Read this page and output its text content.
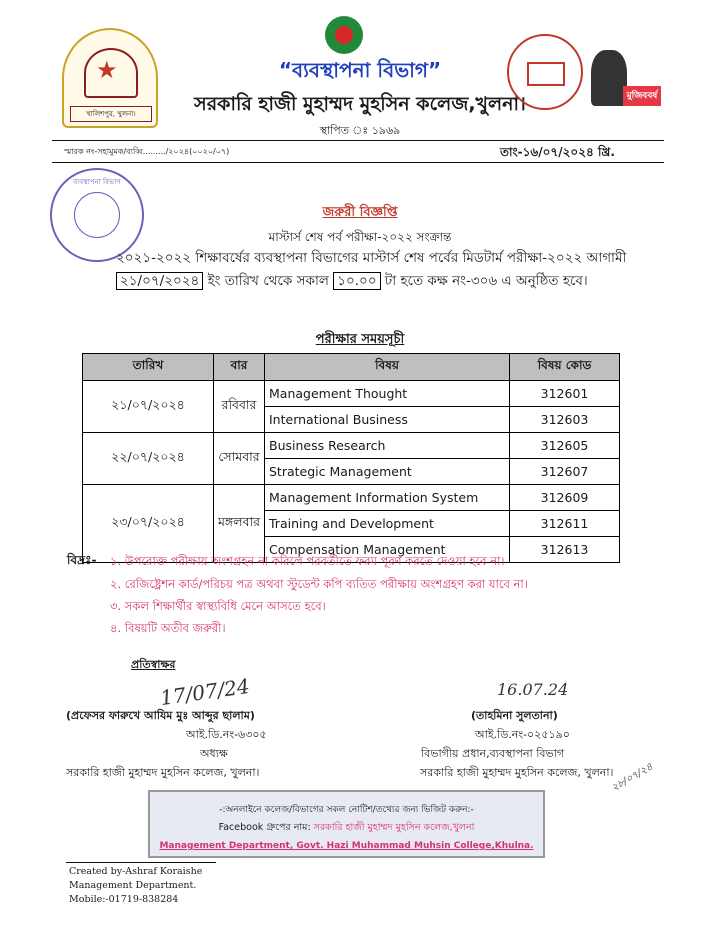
★
খালিশপুর, খুলনা।
“ব্যবস্থাপনা বিভাগ”
সরকারি হাজী মুহাম্মদ মুহসিন কলেজ,খুলনা।
স্থাপিত ঃ ১৯৬৯
মুজিববর্ষ ১০০
স্মারক নং-সহামুমক/ব্যব্বি........./২০২৪(০০২০/০৭)	তাং-১৬/০৭/২০২৪ খ্রি.
ব্যবস্থাপনা বিভাগ
জরুরী বিজ্ঞপ্তি
মাস্টার্স শেষ পর্ব পরীক্ষা-২০২২ সংক্রান্ত
২০২১-২০২২ শিক্ষাবর্ষের ব্যবস্থাপনা বিভাগের মাস্টার্স শেষ পর্বের মিডটার্ম পরীক্ষা-২০২২ আগামী ২১/০৭/২০২৪ ইং তারিখ থেকে সকাল ১০.০০ টা হতে কক্ষ নং-৩০৬ এ অনুষ্ঠিত হবে।
পরীক্ষার সময়সূচী
তারিখ	বার	বিষয়	বিষয় কোড
২১/০৭/২০২৪	রবিবার	Management Thought	312601
		International Business	312603
২২/০৭/২০২৪	সোমবার	Business Research	312605
		Strategic Management	312607
২৩/০৭/২০২৪	মঙ্গলবার	Management Information System	312609
		Training and Development	312611
		Compensation Management	312613
বিদ্রঃ- ১. উপরোক্ত পরীক্ষায় অংশগ্রহন না করিলে পরবর্তীতে ফরম পূরণ করতে দেওয়া হবে না।
২. রেজিষ্ট্রেশন কার্ড/পরিচয় পত্র অথবা স্টুডেন্ট কপি ব্যতিত পরীক্ষায় অংশগ্রহণ করা যাবে না।
৩. সকল শিক্ষার্থীর স্বাস্থ্যবিধি মেনে আসতে হবে।
৪. বিষয়টি অতীব জরুরী।
প্রতিস্বাক্ষর
17/07/24
(প্রফেসর ফারুখে আযিম মুঃ আব্দুর ছালাম)
আই.ডি.নং-৬৩০৫
অধ্যক্ষ
সরকারি হাজী মুহাম্মদ মুহসিন কলেজ, খুলনা।
16.07.24
(তাহমিনা সুলতানা)
আই.ডি.নং-০২৫১৯০
বিভাগীয় প্রধান,ব্যবস্থাপনা বিভাগ
সরকারি হাজী মুহাম্মদ মুহসিন কলেজ, খুলনা।
২৮/০৭/২৪
-:অনলাইনে কলেজ/বিভাগের সকল নোটিশ/তথ্যের জন্য ভিজিট করুন:-
Facebook গ্রুপের নাম: সরকারি হাজী মুহাম্মদ মুহসিন কলেজ,খুলনা
Management Department, Govt. Hazi Muhammad Muhsin College,Khulna.
Created by-Ashraf Koraishe
Management Department.
Mobile:-01719-838284
